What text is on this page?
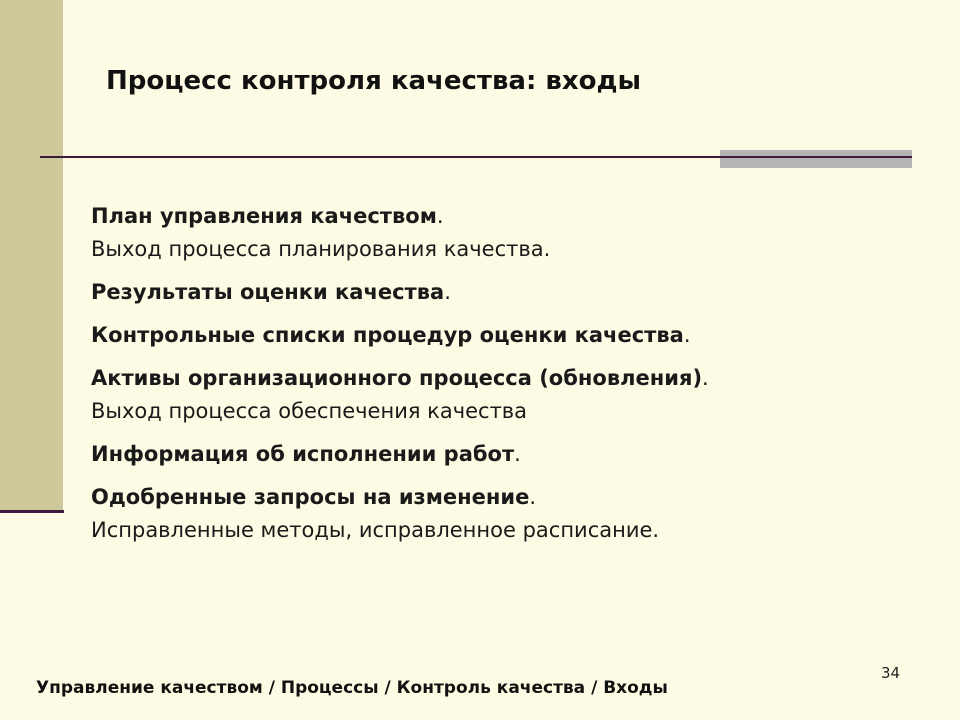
Процесс контроля качества: входы
План управления качеством.
Выход процесса планирования качества.
Результаты оценки качества.
Контрольные списки процедур оценки качества.
Активы организационного процесса (обновления).
Выход процесса обеспечения качества
Информация об исполнении работ.
Одобренные запросы на изменение.
Исправленные методы, исправленное расписание.
Управление качеством / Процессы / Контроль качества / Входы
34
